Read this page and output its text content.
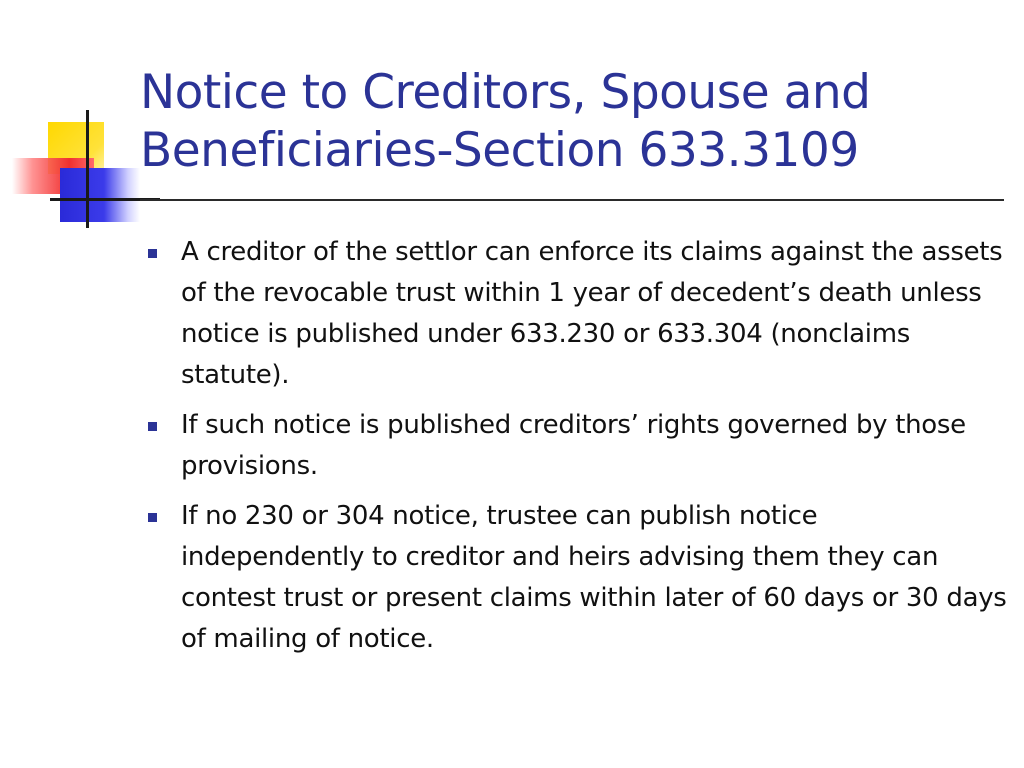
Notice to Creditors, Spouse and Beneficiaries-Section 633.3109
A creditor of the settlor can enforce its claims against the assets of the revocable trust within 1 year of decedent’s death unless notice is published under 633.230 or 633.304 (nonclaims statute).
If such notice is published creditors’ rights governed by those provisions.
If no 230 or 304 notice, trustee can publish notice independently to creditor and heirs advising them they can contest trust or present claims within later of 60 days or 30 days of mailing of notice.
